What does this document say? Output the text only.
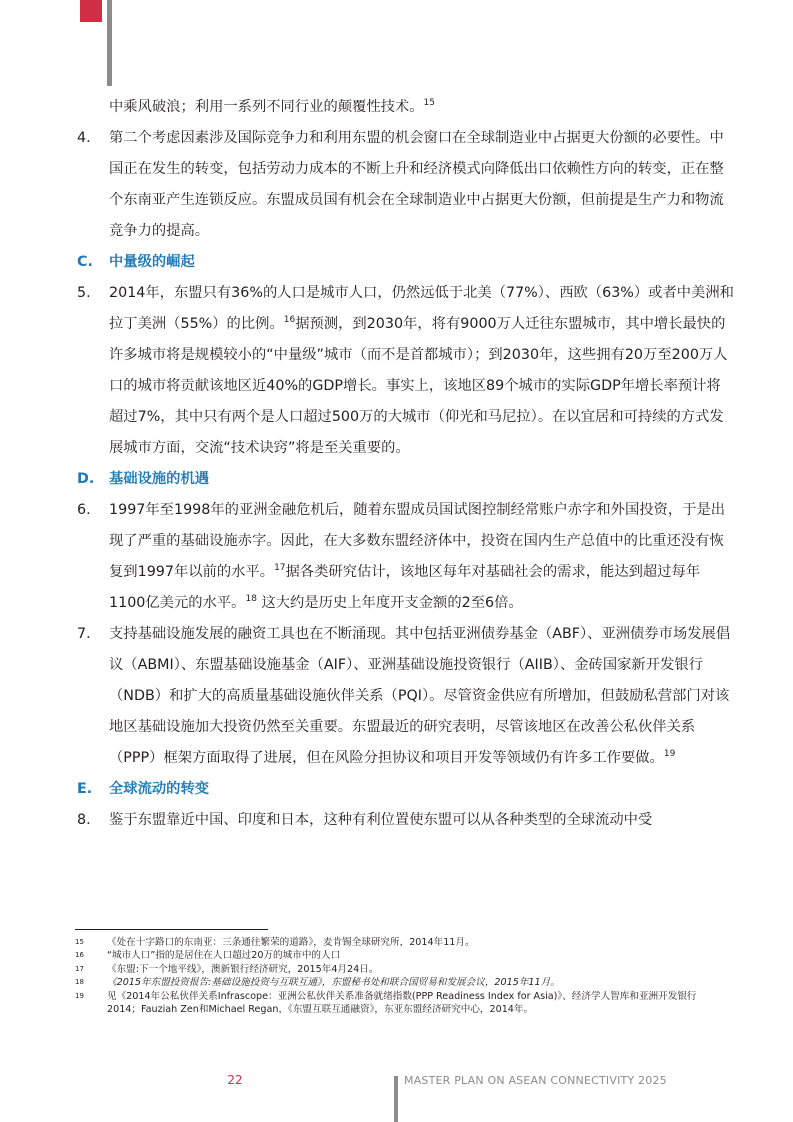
中乘风破浪；利用一系列不同行业的颠覆性技术。$^{15}$
4. 第二个考虑因素涉及国际竞争力和利用东盟的机会窗口在全球制造业中占据更大份额的必要性。中国正在发生的转变，包括劳动力成本的不断上升和经济模式向降低出口依赖性方向的转变，正在整个东南亚产生连锁反应。东盟成员国有机会在全球制造业中占据更大份额，但前提是生产力和物流竞争力的提高。
C. 中量级的崛起
5. 2014年，东盟只有36%的人口是城市人口，仍然远低于北美（77%）、西欧（63%）或者中美洲和拉丁美洲（55%）的比例。$^{16}$据预测，到2030年，将有9000万人迁往东盟城市，其中增长最快的许多城市将是规模较小的“中量级”城市（而不是首都城市）；到2030年，这些拥有20万至200万人口的城市将贡献该地区近40%的GDP增长。事实上，该地区89个城市的实际GDP年增长率预计将超过7%，其中只有两个是人口超过500万的大城市（仰光和马尼拉）。在以宜居和可持续的方式发展城市方面，交流“技术诀窍”将是至关重要的。
D. 基础设施的机遇
6. 1997年至1998年的亚洲金融危机后，随着东盟成员国试图控制经常账户赤字和外国投资，于是出现了严重的基础设施赤字。因此，在大多数东盟经济体中，投资在国内生产总值中的比重还没有恢复到1997年以前的水平。$^{17}$据各类研究估计，该地区每年对基础社会的需求，能达到超过每年1100亿美元的水平。$^{18}$ 这大约是历史上年度开支金额的2至6倍。
7. 支持基础设施发展的融资工具也在不断涌现。其中包括亚洲债券基金（ABF）、亚洲债券市场发展倡议（ABMI）、东盟基础设施基金（AIF）、亚洲基础设施投资银行（AIIB）、金砖国家新开发银行（NDB）和扩大的高质量基础设施伙伴关系（PQI）。尽管资金供应有所增加，但鼓励私营部门对该地区基础设施加大投资仍然至关重要。东盟最近的研究表明，尽管该地区在改善公私伙伴关系（PPP）框架方面取得了进展，但在风险分担协议和项目开发等领域仍有许多工作要做。$^{19}$
E. 全球流动的转变
8. 鉴于东盟靠近中国、印度和日本，这种有利位置使东盟可以从各种类型的全球流动中受
15 《处在十字路口的东南亚：三条通往繁荣的道路》，麦肯锡全球研究所，2014年11月。
16 “城市人口”指的是居住在人口超过20万的城市中的人口
17 《东盟:下一个地平线》，澳新银行经济研究，2015年4月24日。
18 《2015年东盟投资报告:基础设施投资与互联互通》，东盟秘书处和联合国贸易和发展会议，2015年11月。
19 见《2014年公私伙伴关系Infrascope：亚洲公私伙伴关系准备就绪指数(PPP Readiness Index for Asia)》、经济学人智库和亚洲开发银行2014；Fauziah Zen和Michael Regan，《东盟互联互通融资》，东亚东盟经济研究中心，2014年。
22	MASTER PLAN ON ASEAN CONNECTIVITY 2025
